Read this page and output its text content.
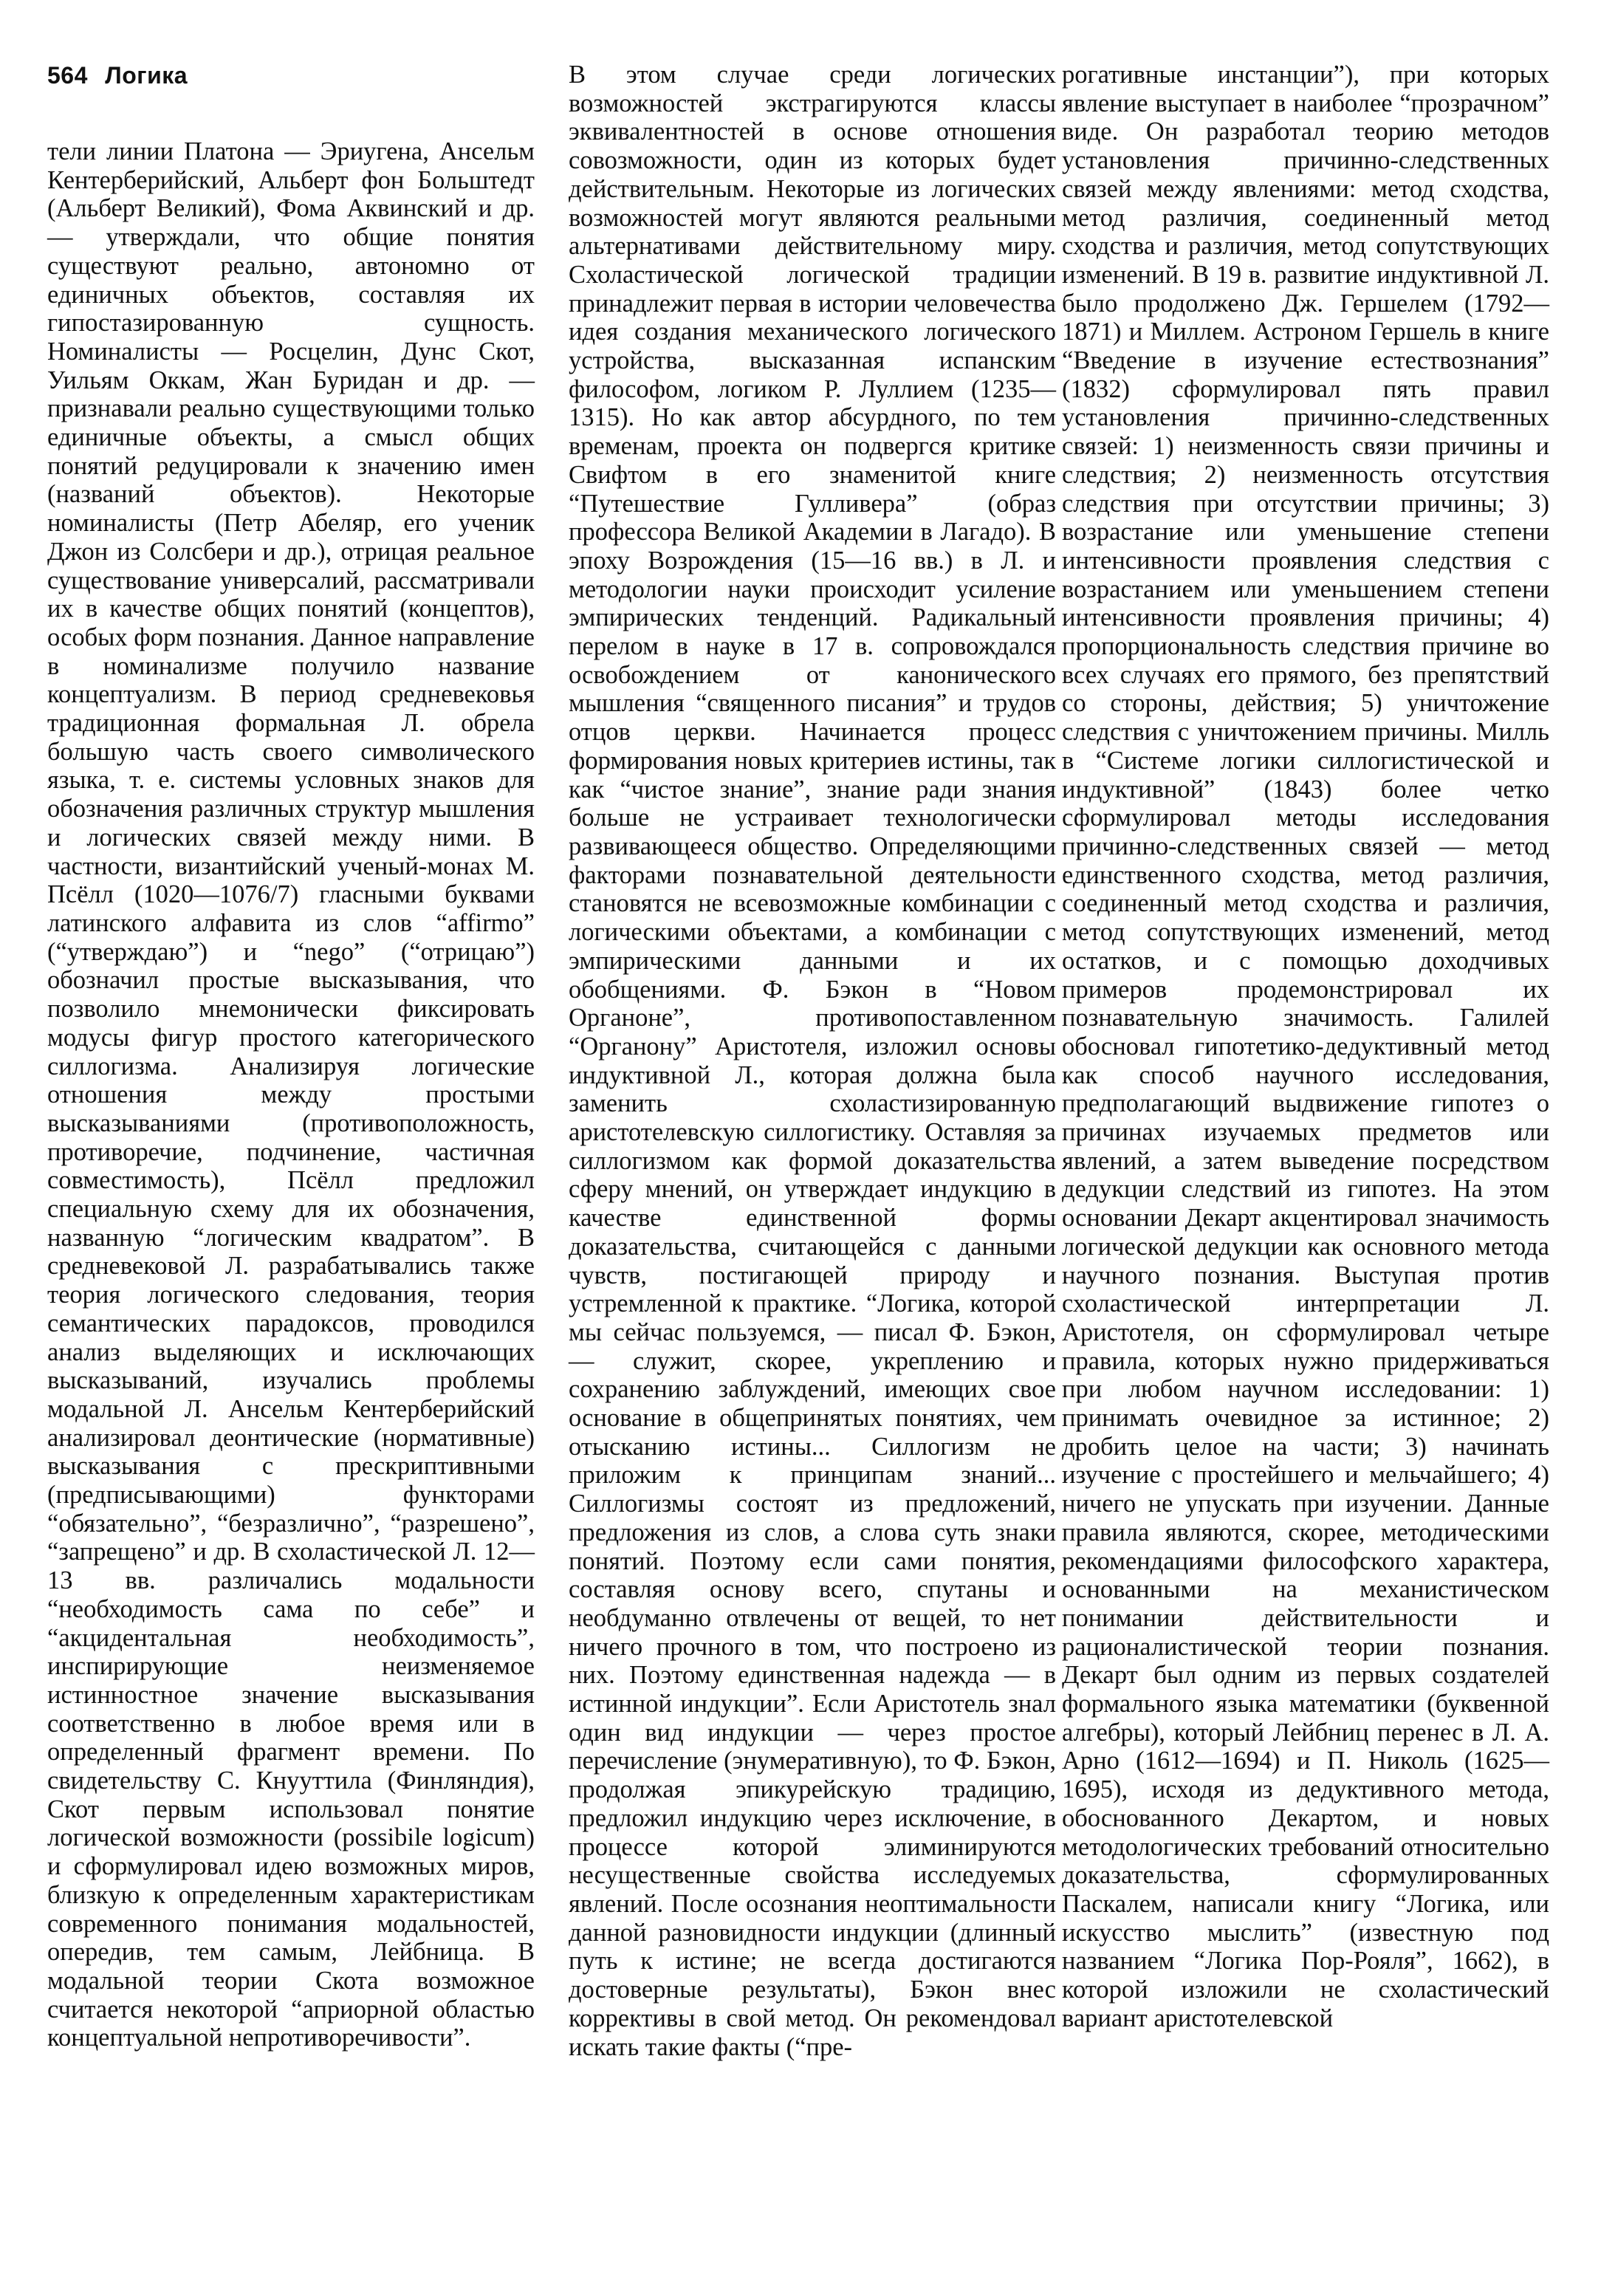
564 Логика

тели линии Платона — Эриугена, Ансельм Кентерберийский, Альберт фон Больштедт (Альберт Великий), Фома Аквинский и др. — утверждали, что общие понятия существуют реально, автономно от единичных объектов, составляя их гипостазированную сущность. Номиналисты — Росцелин, Дунс Скот, Уильям Оккам, Жан Буридан и др. — признавали реально существующими только единичные объекты, а смысл общих понятий редуцировали к значению имен (названий объектов). Некоторые номиналисты (Петр Абеляр, его ученик Джон из Солсбери и др.), отрицая реальное существование универсалий, рассматривали их в качестве общих понятий (концептов), особых форм познания. Данное направление в номинализме получило название концептуализм. В период средневековья традиционная формальная Л. обрела большую часть своего символического языка, т. е. системы условных знаков для обозначения различных структур мышления и логических связей между ними. В частности, византийский ученый-монах М. Псёлл (1020—1076/7) гласными буквами латинского алфавита из слов “affirmo” (“утверждаю”) и “nego” (“отрицаю”) обозначил простые высказывания, что позволило мнемонически фиксировать модусы фигур простого категорического силлогизма. Анализируя логические отношения между простыми высказываниями (противоположность, противоречие, подчинение, частичная совместимость), Псёлл предложил специальную схему для их обозначения, названную “логическим квадратом”. В средневековой Л. разрабатывались также теория логического следования, теория семантических парадоксов, проводился анализ выделяющих и исключающих высказываний, изучались проблемы модальной Л. Ансельм Кентерберийский анализировал деонтические (нормативные) высказывания с прескриптивными (предписывающими) функторами “обязательно”, “безразлично”, “разрешено”, “запрещено” и др. В схоластической Л. 12—13 вв. различались модальности “необходимость сама по себе” и “акцидентальная необходимость”, инспирирующие неизменяемое истинностное значение высказывания соответственно в любое время или в определенный фрагмент времени. По свидетельству С. Кнууттила (Финляндия), Скот первым использовал понятие логической возможности (possibile logicum) и сформулировал идею возможных миров, близкую к определенным характеристикам современного понимания модальностей, опередив, тем самым, Лейбница. В модальной теории Скота возможное считается некоторой “априорной областью концептуальной непротиворечивости”.

В этом случае среди логических возможностей экстрагируются классы эквивалентностей в основе отношения совозможности, один из которых будет действительным. Некоторые из логических возможностей могут являются реальными альтернативами действительному миру. Схоластической логической традиции принадлежит первая в истории человечества идея создания механического логического устройства, высказанная испанским философом, логиком Р. Луллием (1235—1315). Но как автор абсурдного, по тем временам, проекта он подвергся критике Свифтом в его знаменитой книге “Путешествие Гулливера” (образ профессора Великой Академии в Лагадо). В эпоху Возрождения (15—16 вв.) в Л. и методологии науки происходит усиление эмпирических тенденций. Радикальный перелом в науке в 17 в. сопровождался освобождением от канонического мышления “священного писания” и трудов отцов церкви. Начинается процесс формирования новых критериев истины, так как “чистое знание”, знание ради знания больше не устраивает технологически развивающееся общество. Определяющими факторами познавательной деятельности становятся не всевозможные комбинации с логическими объектами, а комбинации с эмпирическими данными и их обобщениями. Ф. Бэкон в “Новом Органоне”, противопоставленном “Органону” Аристотеля, изложил основы индуктивной Л., которая должна была заменить схоластизированную аристотелевскую силлогистику. Оставляя за силлогизмом как формой доказательства сферу мнений, он утверждает индукцию в качестве единственной формы доказательства, считающейся с данными чувств, постигающей природу и устремленной к практике. “Логика, которой мы сейчас пользуемся, — писал Ф. Бэкон, — служит, скорее, укреплению и сохранению заблуждений, имеющих свое основание в общепринятых понятиях, чем отысканию истины... Силлогизм не приложим к принципам знаний... Силлогизмы состоят из предложений, предложения из слов, а слова суть знаки понятий. Поэтому если сами понятия, составляя основу всего, спутаны и необдуманно отвлечены от вещей, то нет ничего прочного в том, что построено из них. Поэтому единственная надежда — в истинной индукции”. Если Аристотель знал один вид индукции — через простое перечисление (энумеративную), то Ф. Бэкон, продолжая эпикурейскую традицию, предложил индукцию через исключение, в процессе которой элиминируются несущественные свойства исследуемых явлений. После осознания неоптимальности данной разновидности индукции (длинный путь к истине; не всегда достигаются достоверные результаты), Бэкон внес коррективы в свой метод. Он рекомендовал искать такие факты (“пре-

рогативные инстанции”), при которых явление выступает в наиболее “прозрачном” виде. Он разработал теорию методов установления причинно-следственных связей между явлениями: метод сходства, метод различия, соединенный метод сходства и различия, метод сопутствующих изменений. В 19 в. развитие индуктивной Л. было продолжено Дж. Гершелем (1792—1871) и Миллем. Астроном Гершель в книге “Введение в изучение естествознания” (1832) сформулировал пять правил установления причинно-следственных связей: 1) неизменность связи причины и следствия; 2) неизменность отсутствия следствия при отсутствии причины; 3) возрастание или уменьшение степени интенсивности проявления следствия с возрастанием или уменьшением степени интенсивности проявления причины; 4) пропорциональность следствия причине во всех случаях его прямого, без препятствий со стороны, действия; 5) уничтожение следствия с уничтожением причины. Милль в “Системе логики силлогистической и индуктивной” (1843) более четко сформулировал методы исследования причинно-следственных связей — метод единственного сходства, метод различия, соединенный метод сходства и различия, метод сопутствующих изменений, метод остатков, и с помощью доходчивых примеров продемонстрировал их познавательную значимость. Галилей обосновал гипотетико-дедуктивный метод как способ научного исследования, предполагающий выдвижение гипотез о причинах изучаемых предметов или явлений, а затем выведение посредством дедукции следствий из гипотез. На этом основании Декарт акцентировал значимость логической дедукции как основного метода научного познания. Выступая против схоластической интерпретации Л. Аристотеля, он сформулировал четыре правила, которых нужно придерживаться при любом научном исследовании: 1) принимать очевидное за истинное; 2) дробить целое на части; 3) начинать изучение с простейшего и мельчайшего; 4) ничего не упускать при изучении. Данные правила являются, скорее, методическими рекомендациями философского характера, основанными на механистическом понимании действительности и рационалистической теории познания. Декарт был одним из первых создателей формального языка математики (буквенной алгебры), который Лейбниц перенес в Л. А. Арно (1612—1694) и П. Николь (1625—1695), исходя из дедуктивного метода, обоснованного Декартом, и новых методологических требований относительно доказательства, сформулированных Паскалем, написали книгу “Логика, или искусство мыслить” (известную под названием “Логика Пор-Рояля”, 1662), в которой изложили не схоластический вариант аристотелевской
